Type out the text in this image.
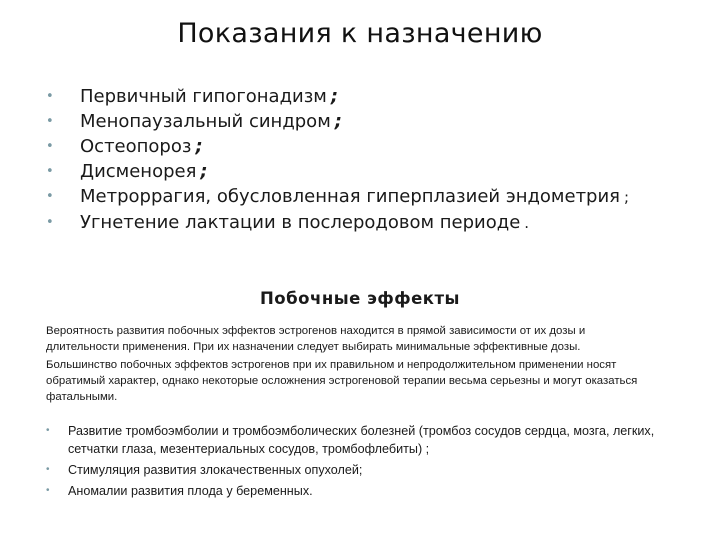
Показания к назначению
• Первичный гипогонадизм ;
• Менопаузальный синдром ;
• Остеопороз ;
• Дисменорея ;
• Метроррагия, обусловленная гиперплазией эндометрия ;
• Угнетение лактации в послеродовом периоде .
Побочные эффекты

Вероятность развития побочных эффектов эстрогенов находится в прямой зависимости от их дозы и длительности применения. При их назначении следует выбирать минимальные эффективные дозы.

Большинство побочных эффектов эстрогенов при их правильном и непродолжительном применении носят обратимый характер, однако некоторые осложнения эстрогеновой терапии весьма серьезны и могут оказаться фатальными.

• Развитие тромбоэмболии и тромбоэмболических болезней (тромбоз сосудов сердца, мозга, легких, сетчатки глаза, мезентериальных сосудов, тромбофлебиты) ;
• Стимуляция развития злокачественных опухолей;
• Аномалии развития плода у беременных.
